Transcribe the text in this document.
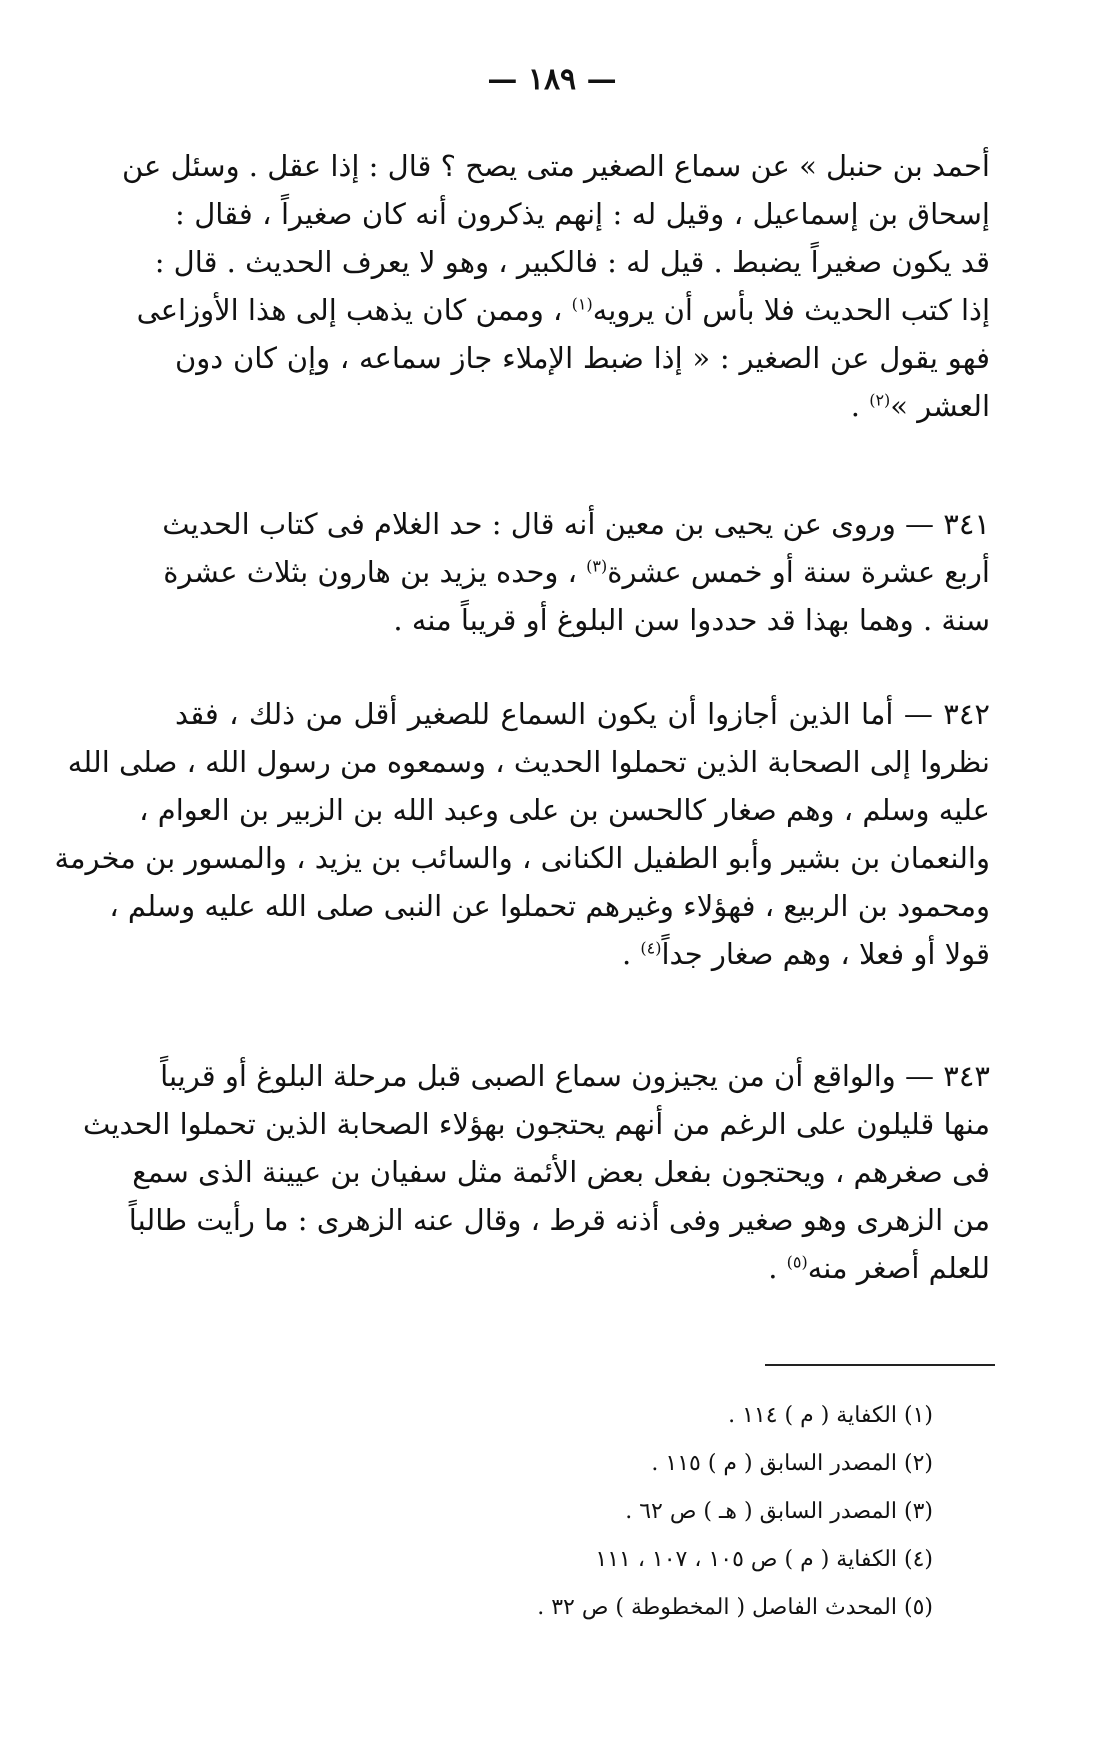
— ١٨٩ —
أحمد بن حنبل » عن سماع الصغير متى يصح ؟ قال : إذا عقل . وسئل عن
إسحاق بن إسماعيل ، وقيل له : إنهم يذكرون أنه كان صغيراً ، فقال :
قد يكون صغيراً يضبط . قيل له : فالكبير ، وهو لا يعرف الحديث . قال :
إذا كتب الحديث فلا بأس أن يرويه$^{(١)}$ ، وممن كان يذهب إلى هذا الأوزاعى
فهو يقول عن الصغير : « إذا ضبط الإملاء جاز سماعه ، وإن كان دون
العشر »$^{(٢)}$ .
٣٤١ — وروى عن يحيى بن معين أنه قال : حد الغلام فى كتاب الحديث
أربع عشرة سنة أو خمس عشرة$^{(٣)}$ ، وحده يزيد بن هارون بثلاث عشرة
سنة . وهما بهذا قد حددوا سن البلوغ أو قريباً منه .
٣٤٢ — أما الذين أجازوا أن يكون السماع للصغير أقل من ذلك ، فقد
نظروا إلى الصحابة الذين تحملوا الحديث ، وسمعوه من رسول الله ، صلى الله
عليه وسلم ، وهم صغار كالحسن بن على وعبد الله بن الزبير بن العوام ،
والنعمان بن بشير وأبو الطفيل الكنانى ، والسائب بن يزيد ، والمسور بن مخرمة
ومحمود بن الربيع ، فهؤلاء وغيرهم تحملوا عن النبى صلى الله عليه وسلم ،
قولا أو فعلا ، وهم صغار جداً$^{(٤)}$ .
٣٤٣ — والواقع أن من يجيزون سماع الصبى قبل مرحلة البلوغ أو قريباً
منها قليلون على الرغم من أنهم يحتجون بهؤلاء الصحابة الذين تحملوا الحديث
فى صغرهم ، ويحتجون بفعل بعض الأئمة مثل سفيان بن عيينة الذى سمع
من الزهرى وهو صغير وفى أذنه قرط ، وقال عنه الزهرى : ما رأيت طالباً
للعلم أصغر منه$^{(٥)}$ .
(١) الكفاية ( م ) ١١٤ .
(٢) المصدر السابق ( م ) ١١٥ .
(٣) المصدر السابق ( هـ ) ص ٦٢ .
(٤) الكفاية ( م ) ص ١٠٥ ، ١٠٧ ، ١١١
(٥) المحدث الفاصل ( المخطوطة ) ص ٣٢ .
